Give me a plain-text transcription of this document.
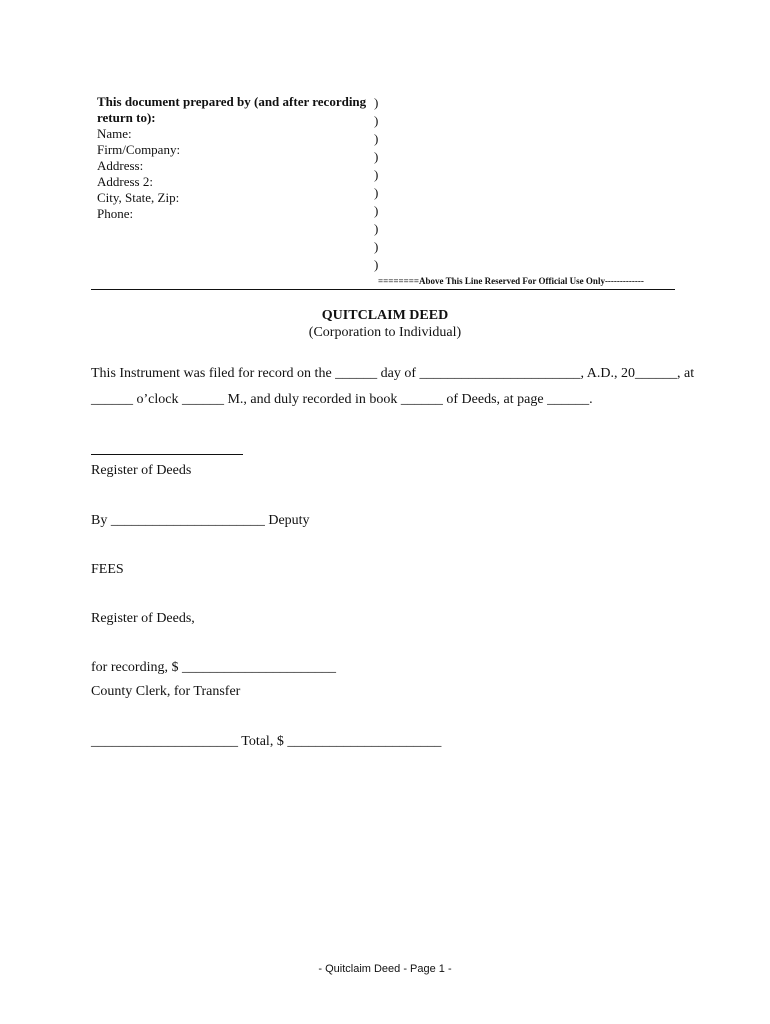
This document prepared by (and after recording
return to):
Name:
Firm/Company:
Address:
Address 2:
City, State, Zip:
Phone:
)
)
)
)
)
)
)
)
)
)
========Above This Line Reserved For Official Use Only-------------
QUITCLAIM DEED
(Corporation to Individual)
This Instrument was filed for record on the ______ day of _______________________, A.D., 20______, at
______ o’clock ______ M., and duly recorded in book ______ of Deeds, at page ______.
Register of Deeds
By ______________________ Deputy
FEES
Register of Deeds,
for recording, $ ______________________
County Clerk, for Transfer
_____________________ Total, $ ______________________
- Quitclaim Deed - Page 1 -
